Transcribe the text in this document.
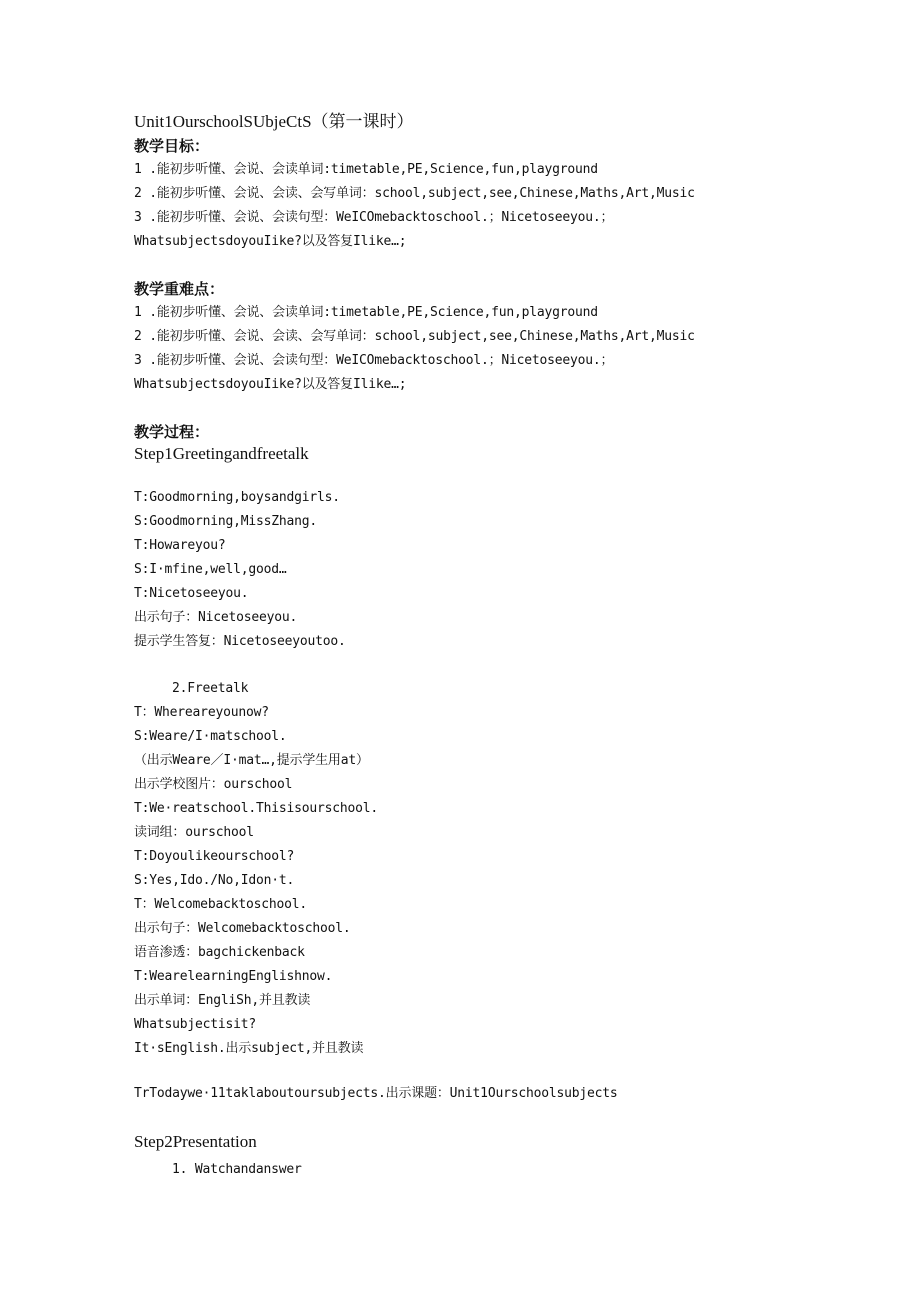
Unit1OurschoolSUbjeCtS（第一课时）
教学目标：
1 .能初步听懂、会说、会读单词:timetable,PE,Science,fun,playground
2 .能初步听懂、会说、会读、会写单词：school,subject,see,Chinese,Maths,Art,Music
3 .能初步听懂、会说、会读句型：WeICOmebacktoschool.；Nicetoseeyou.；
WhatsubjectsdoyouIike?以及答复Ilike…;
教学重难点：
1 .能初步听懂、会说、会读单词:timetable,PE,Science,fun,playground
2 .能初步听懂、会说、会读、会写单词：school,subject,see,Chinese,Maths,Art,Music
3 .能初步听懂、会说、会读句型：WeICOmebacktoschool.；Nicetoseeyou.；
WhatsubjectsdoyouIike?以及答复Ilike…;
教学过程：
Step1Greetingandfreetalk
T:Goodmorning,boysandgirls.
S:Goodmorning,MissZhang.
T:Howareyou?
S:I·mfine,well,good…
T:Nicetoseeyou.
出示句子：Nicetoseeyou.
提示学生答复：Nicetoseeyoutoo.
2.Freetalk
T：Whereareyounow?
S:Weare/I·matschool.
（出示Weare／I·mat…,提示学生用at）
出示学校图片：ourschool
T:We·reatschool.Thisisourschool.
读词组：ourschool
T:Doyoulikeourschool?
S:Yes,Ido./No,Idon·t.
T：Welcomebacktoschool.
出示句子：Welcomebacktoschool.
语音渗透：bagchickenback
T:WearelearningEnglishnow.
出示单词：EngliSh,并且教读
Whatsubjectisit?
It·sEnglish.出示subject,并且教读
TrTodaywe·11taklaboutoursubjects.出示课题：Unit1Ourschoolsubjects
Step2Presentation
1. Watchandanswer
